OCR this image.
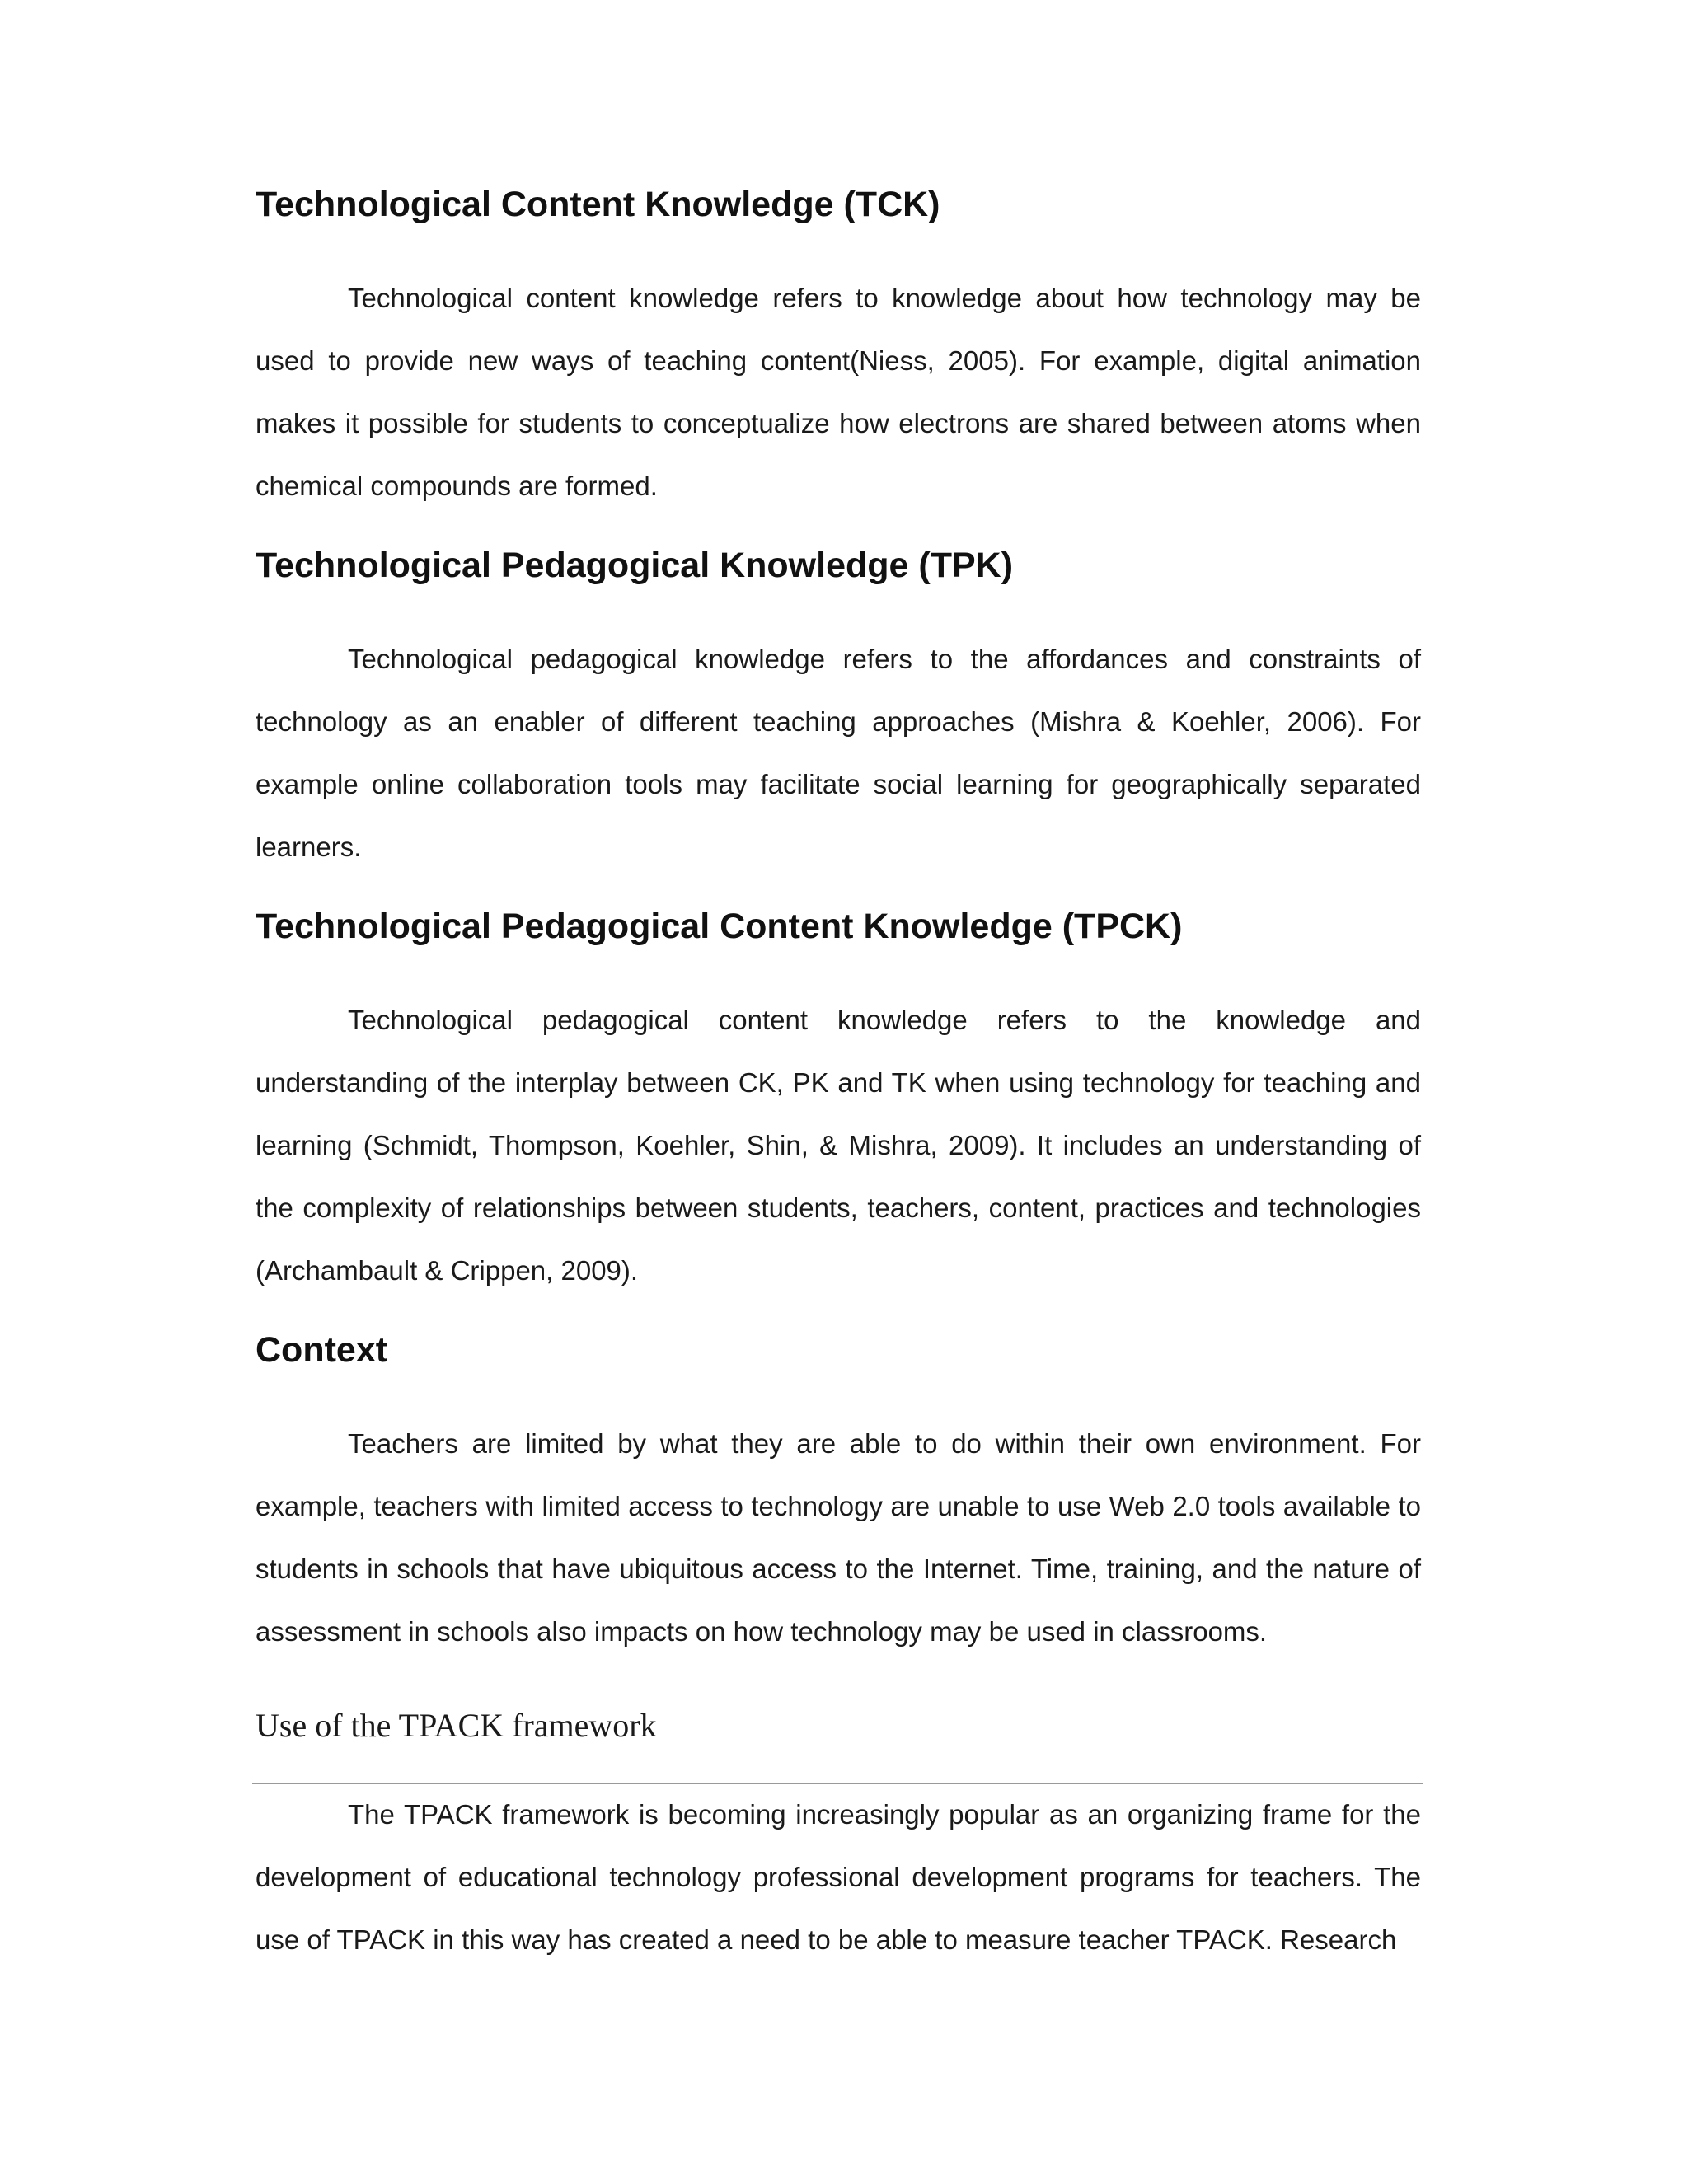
Technological Content Knowledge (TCK)

Technological content knowledge refers to knowledge about how technology may be used to provide new ways of teaching content(Niess, 2005). For example, digital animation makes it possible for students to conceptualize how electrons are shared between atoms when chemical compounds are formed.

Technological Pedagogical Knowledge (TPK)

Technological pedagogical knowledge refers to the affordances and constraints of technology as an enabler of different teaching approaches (Mishra & Koehler, 2006). For example online collaboration tools may facilitate social learning for geographically separated learners.

Technological Pedagogical Content Knowledge (TPCK)

Technological pedagogical content knowledge refers to the knowledge and understanding of the interplay between CK, PK and TK when using technology for teaching and learning (Schmidt, Thompson, Koehler, Shin, & Mishra, 2009). It includes an understanding of the complexity of relationships between students, teachers, content, practices and technologies (Archambault & Crippen, 2009).

Context

Teachers are limited by what they are able to do within their own environment. For example, teachers with limited access to technology are unable to use Web 2.0 tools available to students in schools that have ubiquitous access to the Internet. Time, training, and the nature of assessment in schools also impacts on how technology may be used in classrooms.

Use of the TPACK framework

The TPACK framework is becoming increasingly popular as an organizing frame for the development of educational technology professional development programs for teachers. The use of TPACK in this way has created a need to be able to measure teacher TPACK. Research
